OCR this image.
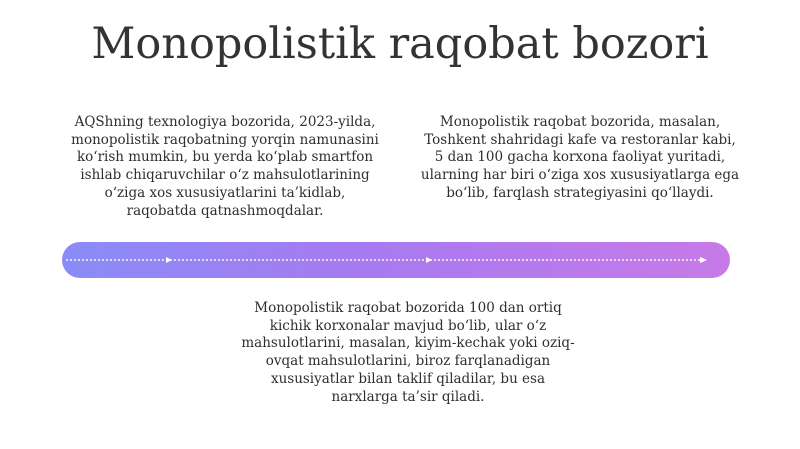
Monopolistik raqobat bozori

AQShning texnologiya bozorida, 2023-yilda, monopolistik raqobatning yorqin namunasini ko‘rish mumkin, bu yerda ko‘plab smartfon ishlab chiqaruvchilar o‘z mahsulotlarining o‘ziga xos xususiyatlarini ta’kidlab, raqobatda qatnashmoqdalar.

Monopolistik raqobat bozorida, masalan, Toshkent shahridagi kafe va restoranlar kabi, 5 dan 100 gacha korxona faoliyat yuritadi, ularning har biri o‘ziga xos xususiyatlarga ega bo‘lib, farqlash strategiyasini qo‘llaydi.

Monopolistik raqobat bozorida 100 dan ortiq kichik korxonalar mavjud bo‘lib, ular o‘z mahsulotlarini, masalan, kiyim-kechak yoki oziq-ovqat mahsulotlarini, biroz farqlanadigan xususiyatlar bilan taklif qiladilar, bu esa narxlarga ta’sir qiladi.
